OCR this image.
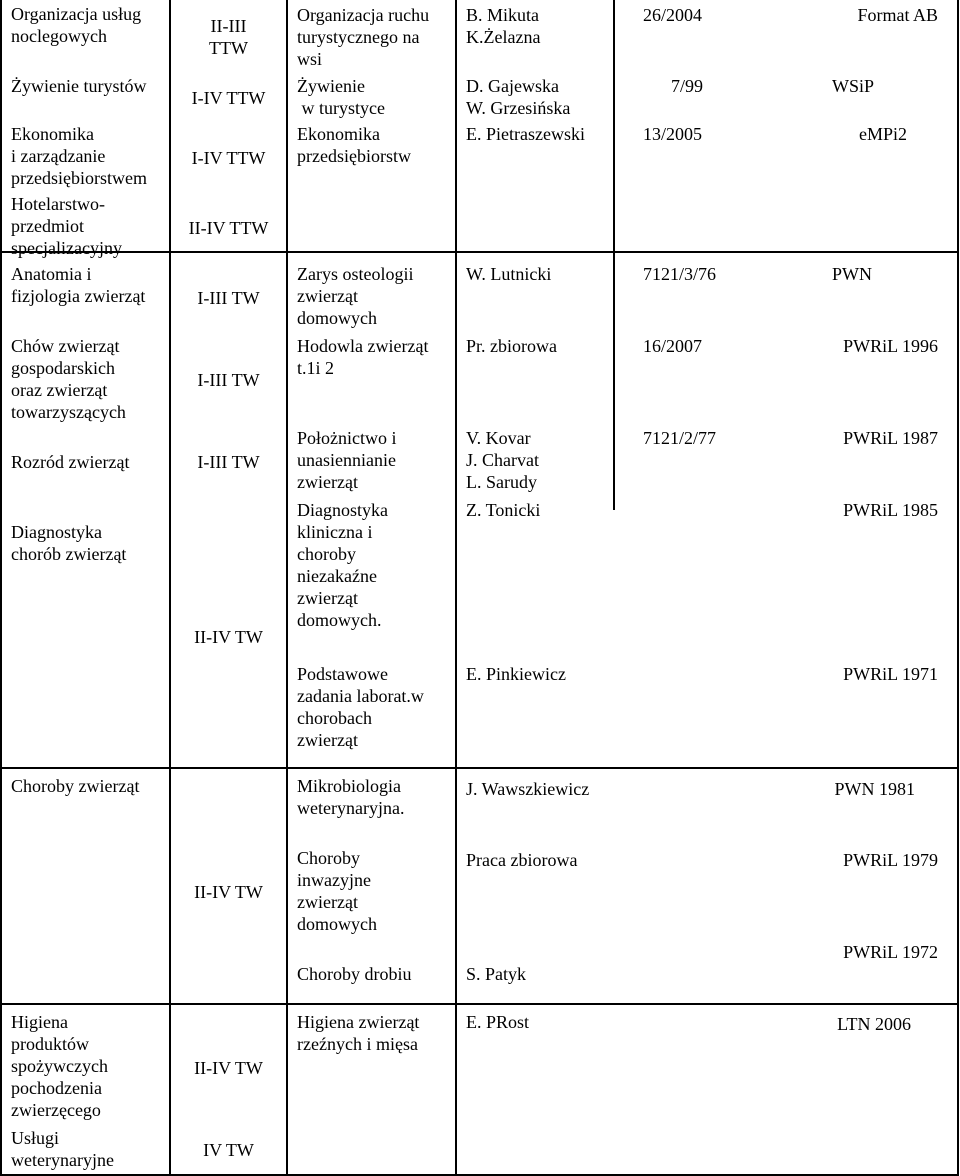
Organizacja usług
noclegowych
Żywienie turystów
Ekonomika
i zarządzanie
przedsiębiorstwem
Hotelarstwo-
przedmiot
specjalizacyjny
Anatomia i
fizjologia zwierząt
Chów zwierząt
gospodarskich
oraz zwierząt
towarzyszących
Rozród zwierząt
Diagnostyka
chorób zwierząt
Choroby zwierząt
Higiena
produktów
spożywczych
pochodzenia
zwierzęcego
Usługi
weterynaryjne
II-III
TTW
I-IV TTW
I-IV TTW
II-IV TTW
I-III TW
I-III TW
I-III TW
II-IV TW
II-IV TW
II-IV TW
IV TW
Organizacja ruchu
turystycznego na
wsi
Żywienie
w turystyce
Ekonomika
przedsiębiorstw
Zarys osteologii
zwierząt
domowych
Hodowla zwierząt
t.1i 2
Położnictwo i
unasiennianie
zwierząt
Diagnostyka
kliniczna i
choroby
niezakaźne
zwierząt
domowych.
Podstawowe
zadania laborat.w
chorobach
zwierząt
Mikrobiologia
weterynaryjna.
Choroby
inwazyjne
zwierząt
domowych
Choroby drobiu
Higiena zwierząt
rzeźnych i mięsa
B. Mikuta
K.Żelazna
D. Gajewska
W. Grzesińska
E. Pietraszewski
W. Lutnicki
Pr. zbiorowa
V. Kovar
J. Charvat
L. Sarudy
Z. Tonicki
E. Pinkiewicz
J. Wawszkiewicz
Praca zbiorowa
S. Patyk
E. PRost
26/2004
7/99
13/2005
7121/3/76
16/2007
7121/2/77
Format AB
WSiP
eMPi2
PWN
PWRiL 1996
PWRiL 1987
PWRiL 1985
PWRiL 1971
PWN 1981
PWRiL 1979
PWRiL 1972
LTN 2006
